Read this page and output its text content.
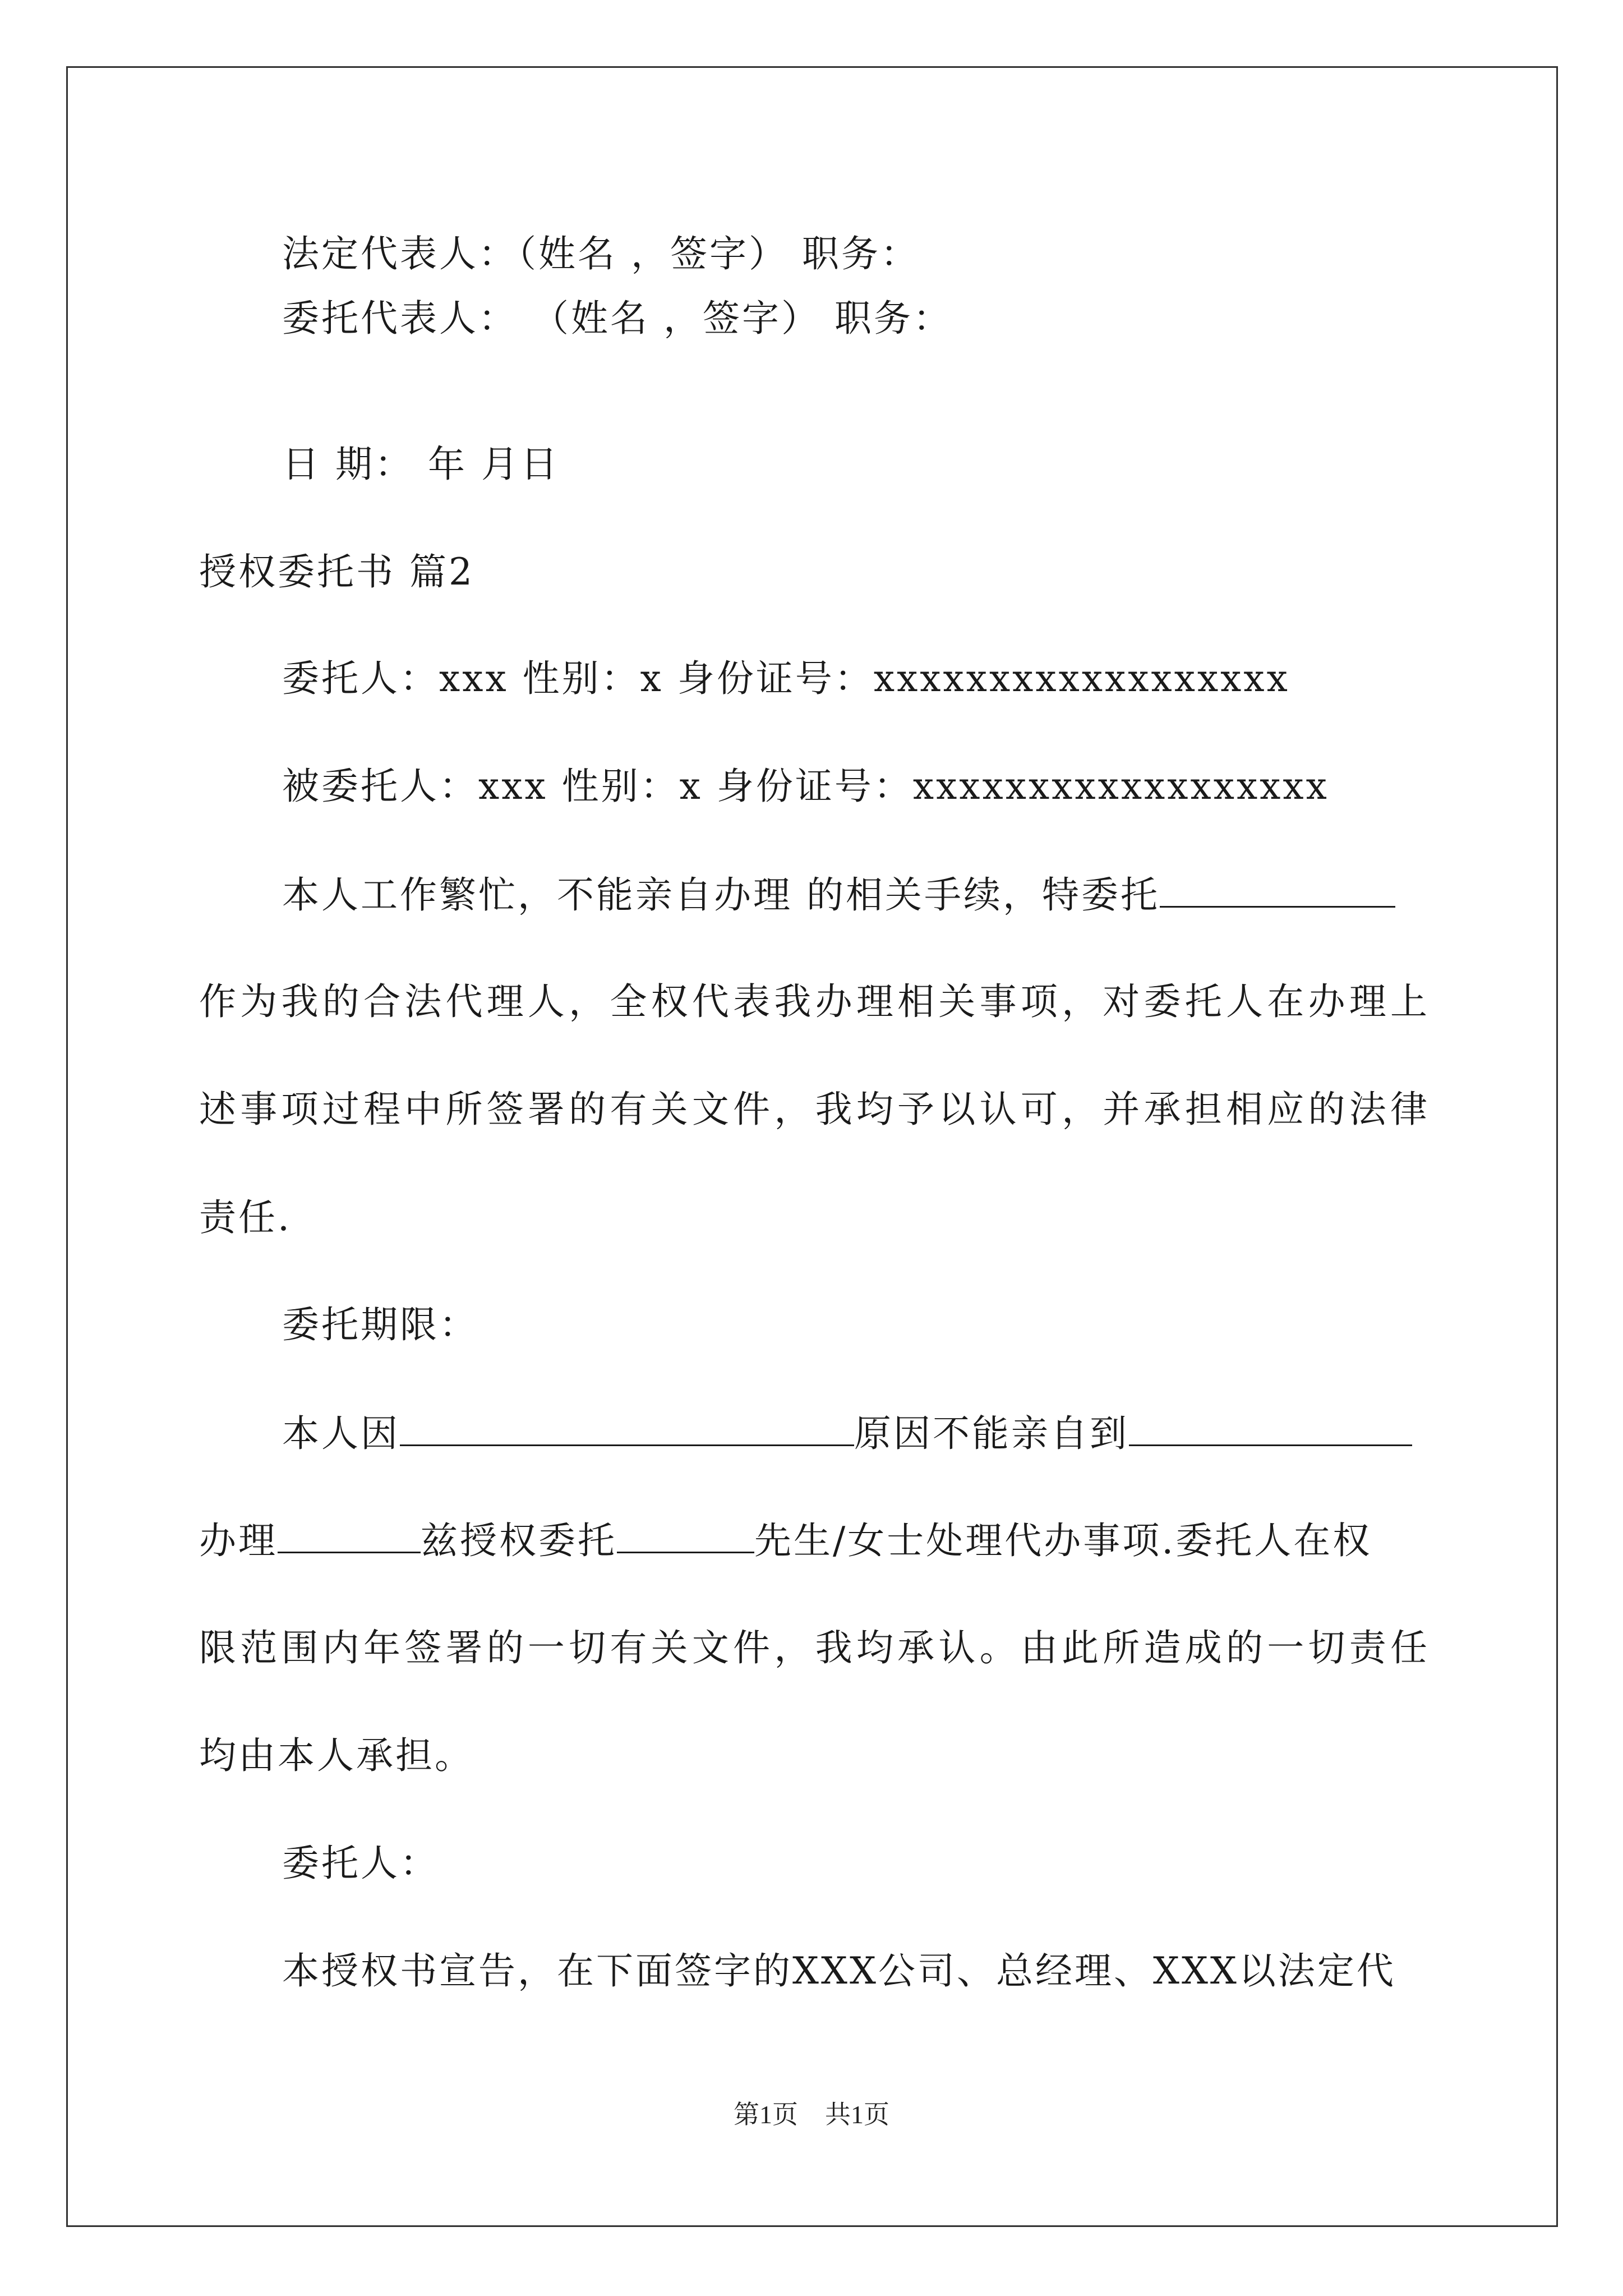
法定代表人：（姓名 ，签字） 职务：
委托代表人： （姓名 ，签字） 职务：
日 期： 年 月日
授权委托书 篇2
委托人：xxx 性别：x 身份证号：xxxxxxxxxxxxxxxxxx
被委托人：xxx 性别：x 身份证号：xxxxxxxxxxxxxxxxxx
本人工作繁忙，不能亲自办理 的相关手续，特委托
作为我的合法代理人，全权代表我办理相关事项，对委托人在办理上
述事项过程中所签署的有关文件，我均予以认可，并承担相应的法律
责任.
委托期限：
本人因	原因不能亲自到
办理	兹授权委托	先生/女士处理代办事项.委托人在权
限范围内年签署的一切有关文件，我均承认。由此所造成的一切责任
均由本人承担。
委托人：
本授权书宣告，在下面签字的XXX公司、总经理、XXX以法定代
第1页 共1页
